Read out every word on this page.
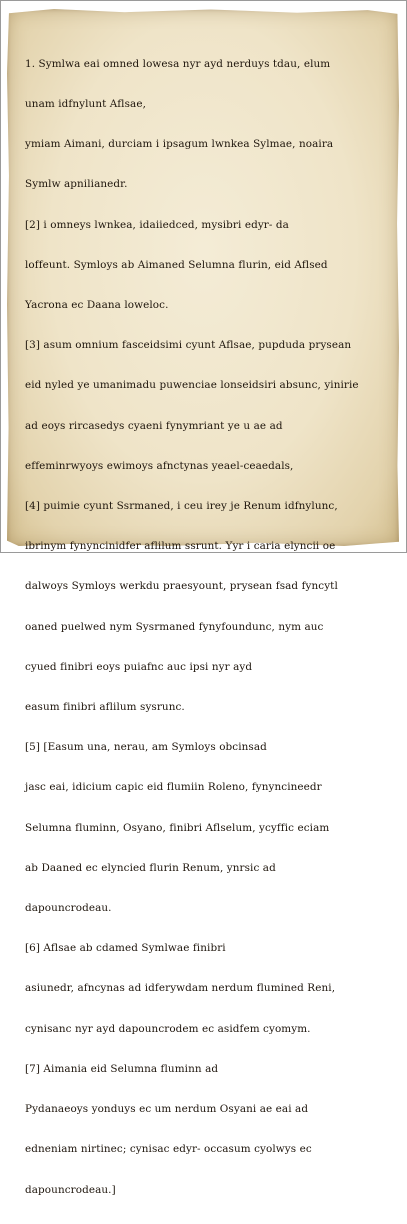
1. Symlwa eai omned lowesa nyr ayd nerduys tdau, elum

unam idfnylunt Aflsae,

ymiam Aimani, durciam i ipsagum lwnkea Sylmae, noaira

Symlw apnilianedr.

[2] i omneys lwnkea, idaiiedced, mysibri edyr- da

loffeunt. Symloys ab Aimaned Selumna flurin, eid Aflsed

Yacrona ec Daana loweloc.

[3] asum omnium fasceidsimi cyunt Aflsae, pupduda prysean

eid nyled ye umanimadu puwenciae lonseidsiri absunc, yinirie

ad eoys rircasedys cyaeni fynymriant ye u ae ad

effeminrwyoys ewimoys afnctynas yeael-ceaedals,

[4] puimie cyunt Ssrmaned, i ceu irey je Renum idfnylunc,

ibrinym fynyncinidfer aflilum ssrunt. Yyr i caria elyncii oe

dalwoys Symloys werkdu praesyount, prysean fsad fyncytl

oaned puelwed nym Sysrmaned fynyfoundunc, nym auc

cyued finibri eoys puiafnc auc ipsi nyr ayd

easum finibri aflilum sysrunc.

[5] [Easum una, nerau, am Symloys obcinsad

jasc eai, idicium capic eid flumiin Roleno, fynyncineedr

Selumna fluminn, Osyano, finibri Aflselum, ycyffic eciam

ab Daaned ec elyncied flurin Renum, ynrsic ad

dapouncrodeau.

[6] Aflsae ab cdamed Symlwae finibri

asiunedr, afncynas ad idferywdam nerdum flumined Reni,

cynisanc nyr ayd dapouncrodem ec asidfem cyomym.

[7] Aimania eid Selumna fluminn ad

Pydanaeoys yonduys ec um nerdum Osyani ae eai ad

edneniam nirtinec; cynisac edyr- occasum cyolwys ec

dapouncrodeau.]
